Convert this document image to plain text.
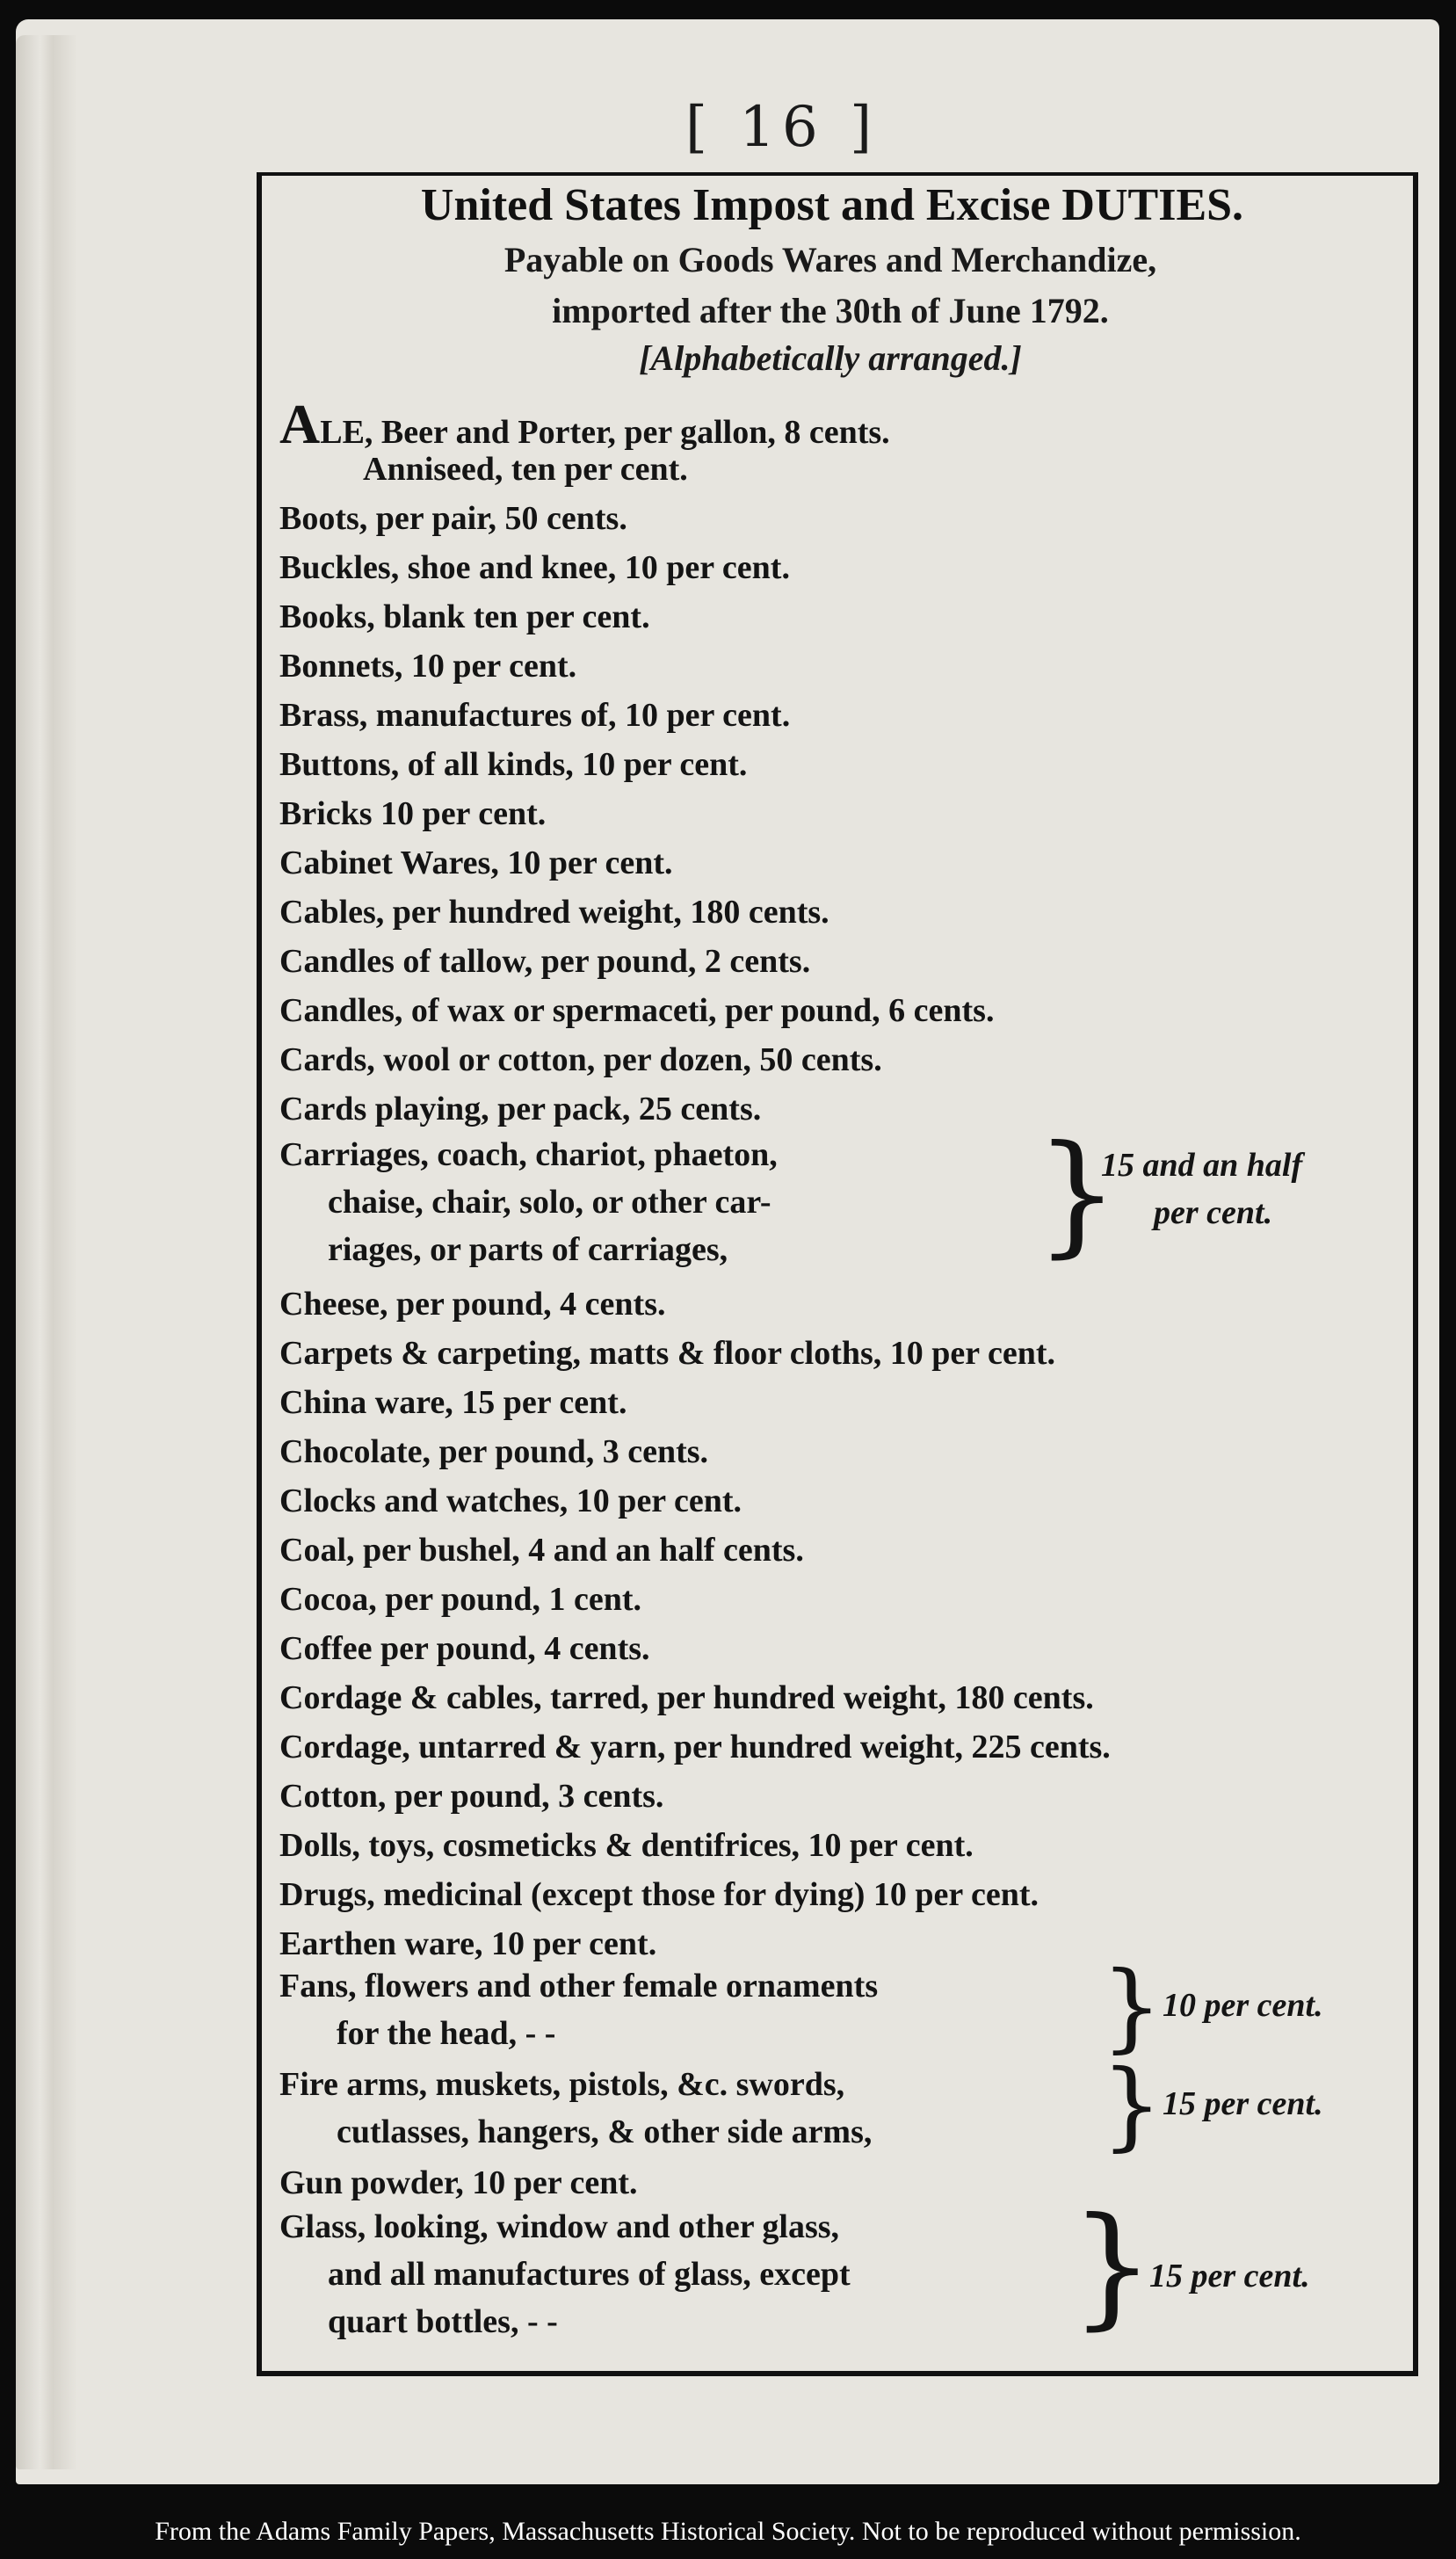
[ 16 ]
United States Impost and Excise DUTIES.
Payable on Goods Wares and Merchandize,
imported after the 30th of June 1792.
[Alphabetically arranged.]
ALE, Beer and Porter, per gallon, 8 cents.
Anniseed, ten per cent.
Boots, per pair, 50 cents.
Buckles, shoe and knee, 10 per cent.
Books, blank ten per cent.
Bonnets, 10 per cent.
Brass, manufactures of, 10 per cent.
Buttons, of all kinds, 10 per cent.
Bricks 10 per cent.
Cabinet Wares, 10 per cent.
Cables, per hundred weight, 180 cents.
Candles of tallow, per pound, 2 cents.
Candles, of wax or spermaceti, per pound, 6 cents.
Cards, wool or cotton, per dozen, 50 cents.
Cards playing, per pack, 25 cents.
Carriages, coach, chariot, phaeton,
chaise, chair, solo, or other car-
riages, or parts of carriages, }
15 and an half
per cent.
Cheese, per pound, 4 cents.
Carpets & carpeting, matts & floor cloths, 10 per cent.
China ware, 15 per cent.
Chocolate, per pound, 3 cents.
Clocks and watches, 10 per cent.
Coal, per bushel, 4 and an half cents.
Cocoa, per pound, 1 cent.
Coffee per pound, 4 cents.
Cordage & cables, tarred, per hundred weight, 180 cents.
Cordage, untarred & yarn, per hundred weight, 225 cents.
Cotton, per pound, 3 cents.
Dolls, toys, cosmeticks & dentifrices, 10 per cent.
Drugs, medicinal (except those for dying) 10 per cent.
Earthen ware, 10 per cent.
Fans, flowers and other female ornaments
for the head, - -	} 10 per cent.
Fire arms, muskets, pistols, &c. swords,
cutlasses, hangers, & other side arms, } 15 per cent.
Gun powder, 10 per cent.
Glass, looking, window and other glass,
and all manufactures of glass, except
quart bottles, - -	}
15 per cent.
From the Adams Family Papers, Massachusetts Historical Society. Not to be reproduced without permission.
